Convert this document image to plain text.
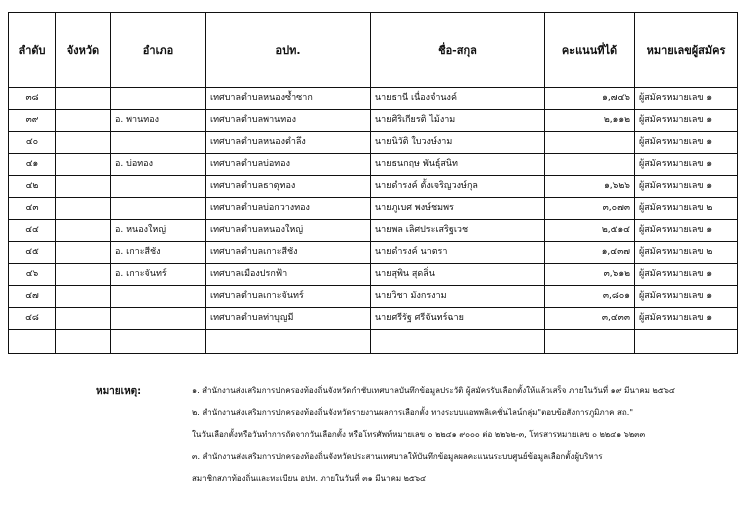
ลำดับ	จังหวัด	อำเภอ	อปท.	ชื่อ-สกุล	คะแนนที่ได้	หมายเลขผู้สมัคร
๓๘			เทศบาลตำบลหนองซ้ำซาก	นายธานี เนื่องจำนงค์	๑,๗๔๖	ผู้สมัครหมายเลข ๑
๓๙		อ. พานทอง	เทศบาลตำบลพานทอง	นายศิริเกียรติ ไม้งาม	๒,๑๑๒	ผู้สมัครหมายเลข ๑
๔๐			เทศบาลตำบลหนองตำลึง	นายนิวัติ ใบวงษ์งาม		ผู้สมัครหมายเลข ๑
๔๑		อ. บ่อทอง	เทศบาลตำบลบ่อทอง	นายธนกฤษ พันธุ์สนิท		ผู้สมัครหมายเลข ๑
๔๒			เทศบาลตำบลธาตุทอง	นายดำรงค์ ตั้งเจริญวงษ์กุล	๑,๖๒๖	ผู้สมัครหมายเลข ๑
๔๓			เทศบาลตำบลบ่อกวางทอง	นายภูเบศ พงษ์ชมพร	๓,๐๗๓	ผู้สมัครหมายเลข ๒
๔๔		อ. หนองใหญ่	เทศบาลตำบลหนองใหญ่	นายพล เลิศประเสริฐเวช	๒,๕๑๔	ผู้สมัครหมายเลข ๑
๔๕		อ. เกาะสีชัง	เทศบาลตำบลเกาะสีชัง	นายดำรงค์ นาตรา	๑,๔๓๗	ผู้สมัครหมายเลข ๒
๔๖		อ. เกาะจันทร์	เทศบาลเมืองปรกฟ้า	นายสุพิน สุดลิ่น	๓,๖๑๒	ผู้สมัครหมายเลข ๑
๔๗			เทศบาลตำบลเกาะจันทร์	นายวิชา มังกรงาม	๓,๘๐๑	ผู้สมัครหมายเลข ๑
๔๘			เทศบาลตำบลท่าบุญมี	นายศรีรัฐ ศรีจันทร์ฉาย	๓,๔๓๓	ผู้สมัครหมายเลข ๑

หมายเหตุ:	๑. สำนักงานส่งเสริมการปกครองท้องถิ่นจังหวัดกำชับเทศบาลบันทึกข้อมูลประวัติ ผู้สมัครรับเลือกตั้งให้แล้วเสร็จ ภายในวันที่ ๑๙ มีนาคม ๒๕๖๔
๒. สำนักงานส่งเสริมการปกครองท้องถิ่นจังหวัดรายงานผลการเลือกตั้ง ทางระบบแอพพลิเคชั่นไลน์กลุ่ม"ตอบข้อสังการภูมิภาค สถ."
ในวันเลือกตั้งหรือวันทำการถัดจากวันเลือกตั้ง หรือโทรศัพท์หมายเลข ๐ ๒๒๔๑ ๙๐๐๐ ต่อ ๒๒๖๒-๓, โทรสารหมายเลข ๐ ๒๒๔๑ ๖๒๓๓
๓. สำนักงานส่งเสริมการปกครองท้องถิ่นจังหวัดประสานเทศบาลให้บันทึกข้อมูลผลคะแนนระบบศูนย์ข้อมูลเลือกตั้งผู้บริหาร
สมาชิกสภาท้องถิ่นและทะเบียน อปท. ภายในวันที่ ๓๑ มีนาคม ๒๕๖๔
